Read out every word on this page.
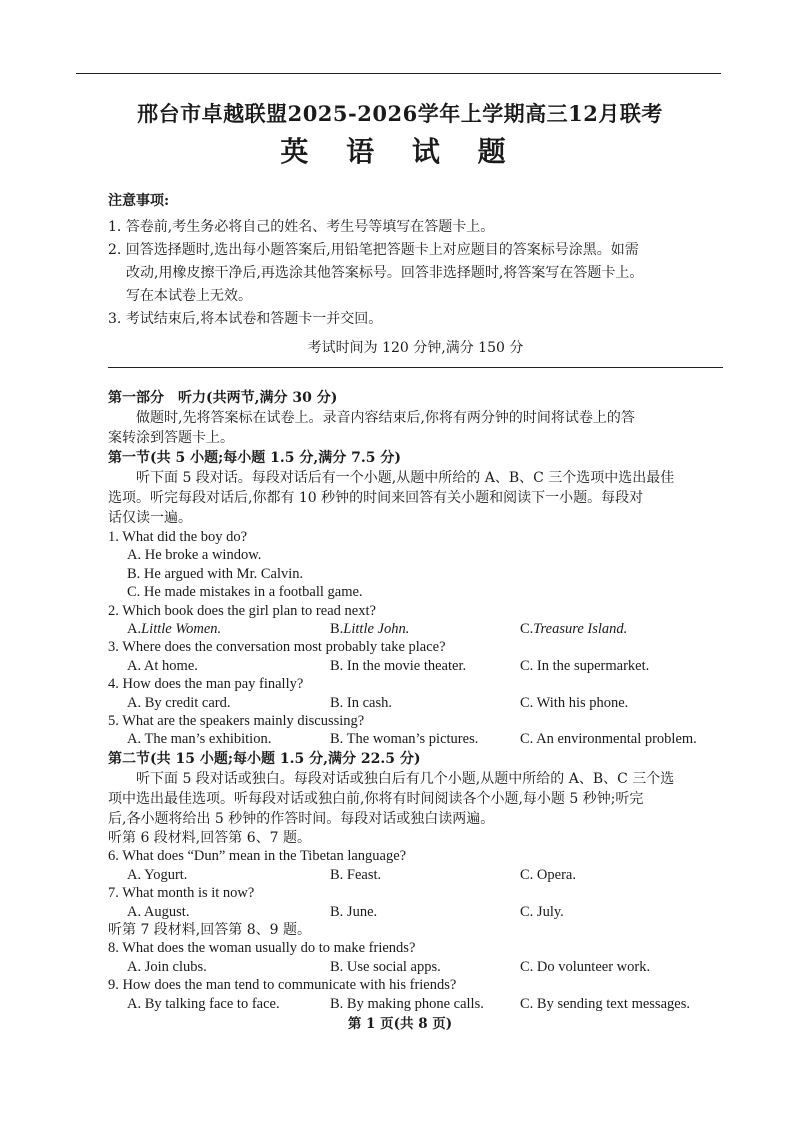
邢台市卓越联盟2025-2026学年上学期高三12月联考
英 语 试 题
注意事项:
1. 答卷前,考生务必将自己的姓名、考生号等填写在答题卡上。
2. 回答选择题时,选出每小题答案后,用铅笔把答题卡上对应题目的答案标号涂黑。如需
改动,用橡皮擦干净后,再选涂其他答案标号。回答非选择题时,将答案写在答题卡上。
写在本试卷上无效。
3. 考试结束后,将本试卷和答题卡一并交回。
考试时间为 120 分钟,满分 150 分
第一部分　听力(共两节,满分 30 分)
做题时,先将答案标在试卷上。录音内容结束后,你将有两分钟的时间将试卷上的答
案转涂到答题卡上。
第一节(共 5 小题;每小题 1.5 分,满分 7.5 分)
听下面 5 段对话。每段对话后有一个小题,从题中所给的 A、B、C 三个选项中选出最佳
选项。听完每段对话后,你都有 10 秒钟的时间来回答有关小题和阅读下一小题。每段对
话仅读一遍。
1. What did the boy do?
A. He broke a window.
B. He argued with Mr. Calvin.
C. He made mistakes in a football game.
2. Which book does the girl plan to read next?
A.Little Women.	B.Little John.	C.Treasure Island.
3. Where does the conversation most probably take place?
A. At home.	B. In the movie theater.	C. In the supermarket.
4. How does the man pay finally?
A. By credit card.	B. In cash.	C. With his phone.
5. What are the speakers mainly discussing?
A. The man’s exhibition.	B. The woman’s pictures.	C. An environmental problem.
第二节(共 15 小题;每小题 1.5 分,满分 22.5 分)
听下面 5 段对话或独白。每段对话或独白后有几个小题,从题中所给的 A、B、C 三个选
项中选出最佳选项。听每段对话或独白前,你将有时间阅读各个小题,每小题 5 秒钟;听完
后,各小题将给出 5 秒钟的作答时间。每段对话或独白读两遍。
听第 6 段材料,回答第 6、7 题。
6. What does “Dun” mean in the Tibetan language?
A. Yogurt.	B. Feast.	C. Opera.
7. What month is it now?
A. August.	B. June.	C. July.
听第 7 段材料,回答第 8、9 题。
8. What does the woman usually do to make friends?
A. Join clubs.	B. Use social apps.	C. Do volunteer work.
9. How does the man tend to communicate with his friends?
A. By talking face to face.	B. By making phone calls.	C. By sending text messages.
第 1 页(共 8 页)
